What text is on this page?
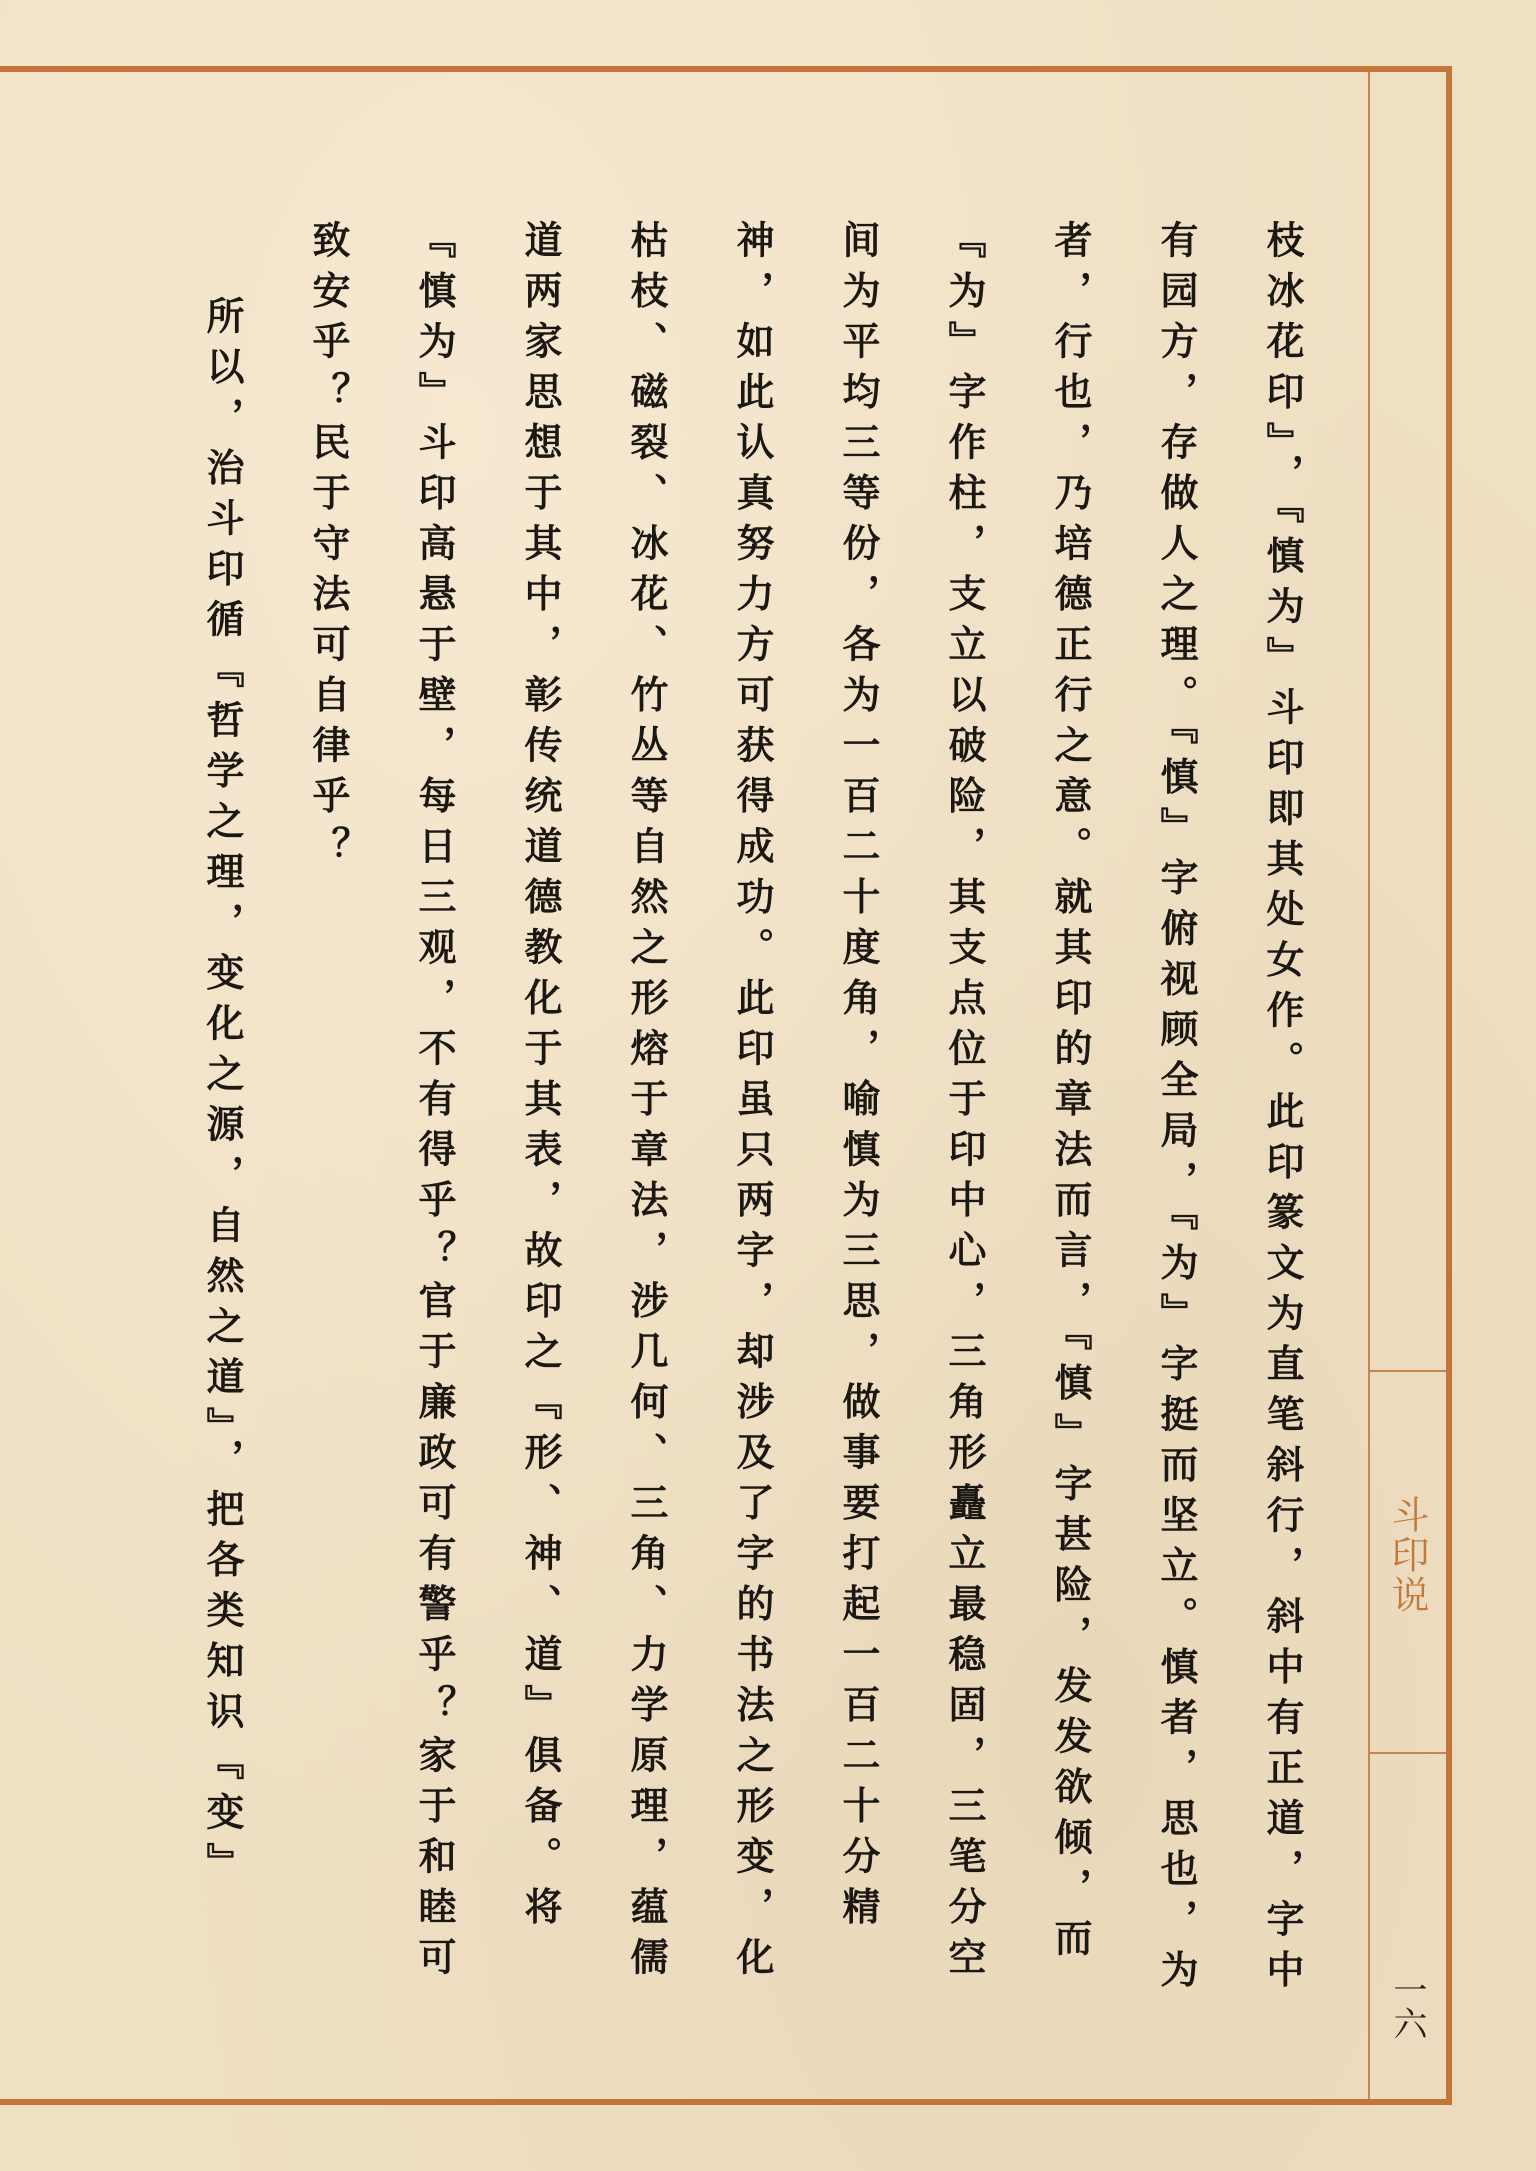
斗印说
一六

枝冰花印』，『慎为』斗印即其处女作。此印篆文为直笔斜行，斜中有正道，字中有园方，存做人之理。『慎』字俯视顾全局，『为』字挺而坚立。慎者，思也，为者，行也，乃培德正行之意。就其印的章法而言，『慎』字甚险，发发欲倾，而『为』字作柱，支立以破险，其支点位于印中心，三角形矗立最稳固，三笔分空间为平均三等份，各为一百二十度角，喻慎为三思，做事要打起一百二十分精神，如此认真努力方可获得成功。此印虽只两字，却涉及了字的书法之形变，化枯枝、磁裂、冰花、竹丛等自然之形熔于章法，涉几何、三角、力学原理，蕴儒道两家思想于其中，彰传统道德教化于其表，故印之『形、神、道』俱备。将『慎为』斗印高悬于壁，每日三观，不有得乎？官于廉政可有警乎？家于和睦可致安乎？民于守法可自律乎？

所以，治斗印循『哲学之理，变化之源，自然之道』，把各类知识『变』
